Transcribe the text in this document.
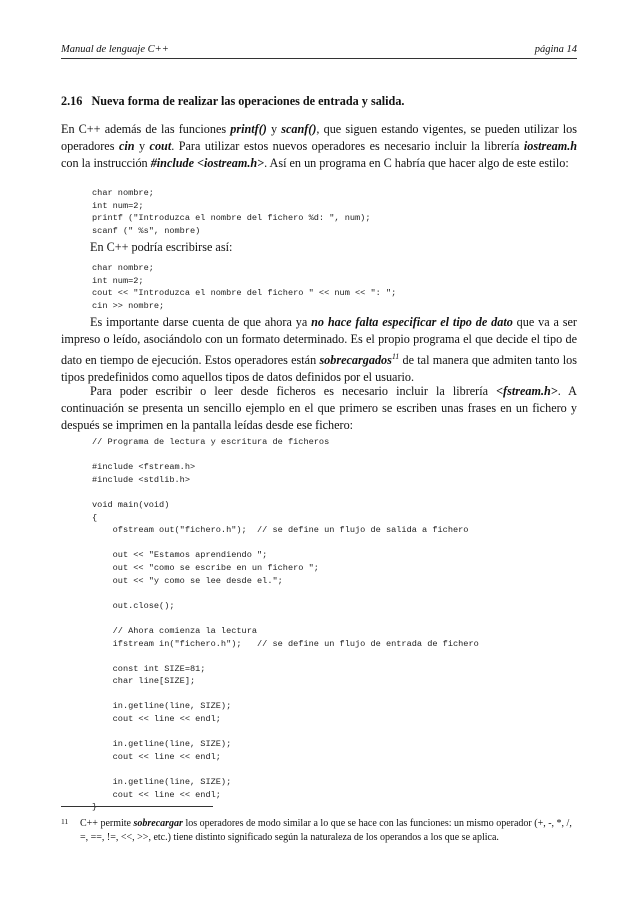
Manual de lenguaje C++	página 14
2.16 Nueva forma de realizar las operaciones de entrada y salida.
En C++ además de las funciones printf() y scanf(), que siguen estando vigentes, se pueden utilizar los operadores cin y cout. Para utilizar estos nuevos operadores es necesario incluir la librería iostream.h con la instrucción #include <iostream.h>. Así en un programa en C habría que hacer algo de este estilo:
char nombre;
int num=2;
printf ("Introduzca el nombre del fichero %d: ", num);
scanf (" %s", nombre)
En C++ podría escribirse así:
char nombre;
int num=2;
cout << "Introduzca el nombre del fichero " << num << ": ";
cin >> nombre;
Es importante darse cuenta de que ahora ya no hace falta especificar el tipo de dato que va a ser impreso o leído, asociándolo con un formato determinado. Es el propio programa el que decide el tipo de dato en tiempo de ejecución. Estos operadores están sobrecargados$^{11}$ de tal manera que admiten tanto los tipos predefinidos como aquellos tipos de datos definidos por el usuario.
Para poder escribir o leer desde ficheros es necesario incluir la librería <fstream.h>. A continuación se presenta un sencillo ejemplo en el que primero se escriben unas frases en un fichero y después se imprimen en la pantalla leídas desde ese fichero:
// Programa de lectura y escritura de ficheros

#include <fstream.h>
#include <stdlib.h>

void main(void)
{
ofstream out("fichero.h");  // se define un flujo de salida a fichero

out << "Estamos aprendiendo ";
out << "como se escribe en un fichero ";
out << "y como se lee desde el.";

out.close();

// Ahora comienza la lectura
ifstream in("fichero.h");   // se define un flujo de entrada de fichero

const int SIZE=81;
char line[SIZE];

in.getline(line, SIZE);
cout << line << endl;

in.getline(line, SIZE);
cout << line << endl;

in.getline(line, SIZE);
cout << line << endl;
}
11 C++ permite sobrecargar los operadores de modo similar a lo que se hace con las funciones: un mismo operador (+, -, *, /, =, ==, !=, <<, >>, etc.) tiene distinto significado según la naturaleza de los operandos a los que se aplica.
